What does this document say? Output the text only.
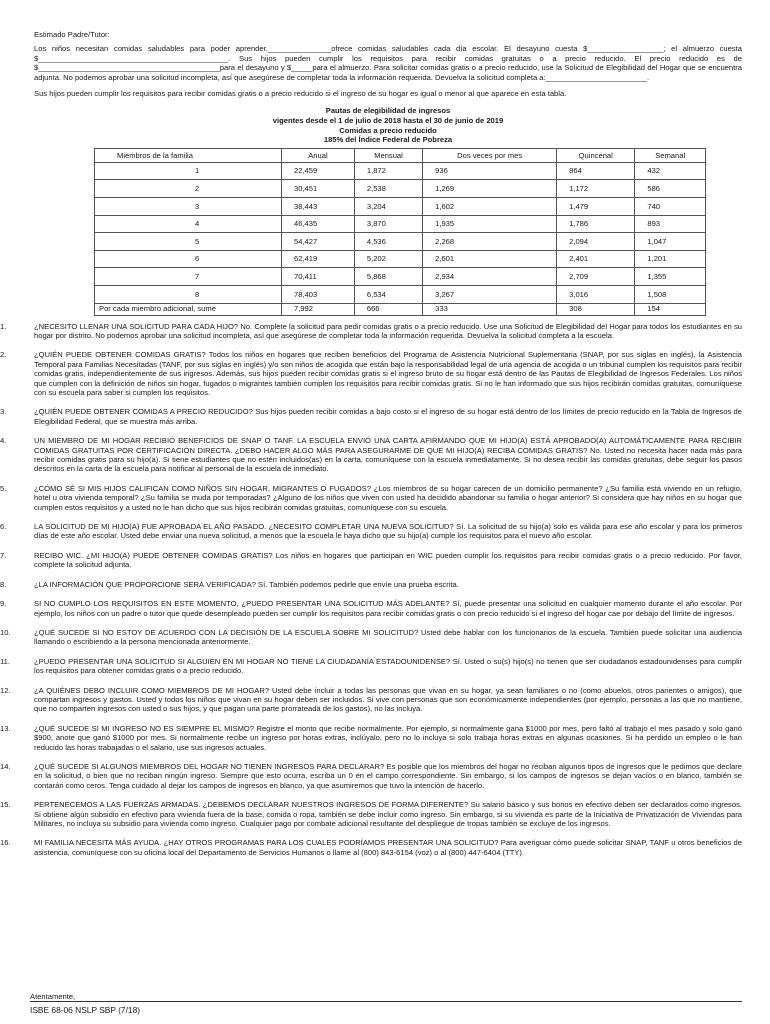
Estimado Padre/Tutor:

Los niños necesitan comidas saludables para poder aprender._______________ofrece comidas saludables cada día escolar. El desayuno cuesta $__________________; el almuerzo cuesta $_____________________________________________. Sus hijos pueden cumplir los requisitos para recibir comidas gratuitas o a precio reducido. El precio reducido es de $___________________________________________para el desayuno y $_____para el almuerzo. Para solicitar comidas gratis o a precio reducido, use la Solicitud de Elegibilidad del Hogar que se encuentra adjunta. No podemos aprobar una solicitud incompleta, así que asegúrese de completar toda la información requerida. Devuelva la solicitud completa a:________________________.

Sus hijos pueden cumplir los requisitos para recibir comidas gratis o a precio reducido si el ingreso de su hogar es igual o menor al que aparece en esta tabla.

Pautas de elegibilidad de ingresos
vigentes desde el 1 de julio de 2018 hasta el 30 de junio de 2019
Comidas a precio reducido
185% del Índice Federal de Pobreza
Miembros de la familia	Anual	Mensual	Dos veces por mes	Quincenal	Semanal
1	22,459	1,872	936	864	432
2	30,451	2,538	1,269	1,172	586
3	38,443	3,204	1,602	1,479	740
4	46,435	3,870	1,935	1,786	893
5	54,427	4,536	2,268	2,094	1,047
6	62,419	5,202	2,601	2,401	1,201
7	70,411	5,868	2,934	2,709	1,355
8	78,403	6,534	3,267	3,016	1,508
Por cada miembro adicional, sume	7,992	666	333	308	154
1.	¿NECESITO LLENAR UNA SOLICITUD PARA CADA HIJO? No. Complete la solicitud para pedir comidas gratis o a precio reducido. Use una Solicitud de Elegibilidad del Hogar para todos los estudiantes en su hogar por distrito. No podemos aprobar una solicitud incompleta, así que asegúrese de completar toda la información requerida. Devuelva la solicitud completa a la escuela.
2.	¿QUIÉN PUEDE OBTENER COMIDAS GRATIS? Todos los niños en hogares que reciben beneficios del Programa de Asistencia Nutricional Suplementaria (SNAP, por sus siglas en inglés), la Asistencia Temporal para Familias Necesitadas (TANF, por sus siglas en inglés) y/o son niños de acogida que están bajo la responsabilidad legal de una agencia de acogida o un tribunal cumplen los requisitos para recibir comidas gratis, independientemente de sus ingresos. Además, sus hijos pueden recibir comidas gratis si el ingreso bruto de su hogar está dentro de las Pautas de Elegibilidad de Ingresos Federales. Los niños que cumplen con la definición de niños sin hogar, fugados o migrantes también cumplen los requisitos para recibir comidas gratis. Si no le han informado que sus hijos recibirán comidas gratuitas, comuníquese con su escuela para saber si cumplen los requisitos.
3.	¿QUIÉN PUEDE OBTENER COMIDAS A PRECIO REDUCIDO? Sus hijos pueden recibir comidas a bajo costo si el ingreso de su hogar está dentro de los límites de precio reducido en la Tabla de Ingresos de Elegibilidad Federal, que se muestra más arriba.
4.	UN MIEMBRO DE MI HOGAR RECIBIÓ BENEFICIOS DE SNAP O TANF. LA ESCUELA ENVIÓ UNA CARTA AFIRMANDO QUE MI HIJO(A) ESTÁ APROBADO(A) AUTOMÁTICAMENTE PARA RECIBIR COMIDAS GRATUITAS POR CERTIFICACIÓN DIRECTA. ¿DEBO HACER ALGO MÁS PARA ASEGURARME DE QUE MI HIJO(A) RECIBA COMIDAS GRATIS? No. Usted no necesita hacer nada más para recibir comidas gratis para su hijo(a). Si tiene estudiantes que no estén incluidos(as) en la carta, comuníquese con la escuela inmediatamente. Si no desea recibir las comidas gratuitas, debe seguir los pasos descritos en la carta de la escuela para notificar al personal de la escuela de inmediato.
5.	¿CÓMO SÉ SI MIS HIJOS CALIFICAN COMO NIÑOS SIN HOGAR, MIGRANTES O FUGADOS? ¿Los miembros de su hogar carecen de un domicilio permanente? ¿Su familia está viviendo en un refugio, hotel u otra vivienda temporal? ¿Su familia se muda por temporadas? ¿Alguno de los niños que viven con usted ha decidido abandonar su familia o hogar anterior? Si considera que hay niños en su hogar que cumplen estos requisitos y a usted no le han dicho que sus hijos recibirán comidas gratuitas, comuníquese con su escuela.
6.	LA SOLICITUD DE MI HIJO(A) FUE APROBADA EL AÑO PASADO. ¿NECESITO COMPLETAR UNA NUEVA SOLICITUD? Sí. La solicitud de su hijo(a) solo es válida para ese año escolar y para los primeros días de este año escolar. Usted debe enviar una nueva solicitud, a menos que la escuela le haya dicho que su hijo(a) cumple los requisitos para el nuevo año escolar.
7.	RECIBO WIC. ¿MI HIJO(A) PUEDE OBTENER COMIDAS GRATIS? Los niños en hogares que participan en WIC pueden cumplir los requisitos para recibir comidas gratis o a precio reducido. Por favor, complete la solicitud adjunta.
8.	¿LA INFORMACIÓN QUE PROPORCIONE SERÁ VERIFICADA? Sí. También podemos pedirle que envíe una prueba escrita.
9.	SI NO CUMPLO LOS REQUISITOS EN ESTE MOMENTO, ¿PUEDO PRESENTAR UNA SOLICITUD MÁS ADELANTE? Sí, puede presentar una solicitud en cualquier momento durante el año escolar. Por ejemplo, los niños con un padre o tutor que quede desempleado pueden ser cumplir los requisitos para recibir comidas gratis o con precio reducido si el ingreso del hogar cae por debajo del límite de ingresos.
10.	¿QUÉ SUCEDE SI NO ESTOY DE ACUERDO CON LA DECISIÓN DE LA ESCUELA SOBRE MI SOLICITUD? Usted debe hablar con los funcionarios de la escuela. También puede solicitar una audiencia llamando o escribiendo a la persona mencionada anteriormente.
11.	¿PUEDO PRESENTAR UNA SOLICITUD SI ALGUIEN EN MI HOGAR NO TIENE LA CIUDADANÍA ESTADOUNIDENSE? Sí. Usted o su(s) hijo(s) no tienen que ser ciudadanos estadounidenses para cumplir los requisitos para obtener comidas gratis o a precio reducido.
12.	¿A QUIÉNES DEBO INCLUIR COMO MIEMBROS DE MI HOGAR? Usted debe incluir a todas las personas que vivan en su hogar, ya sean familiares o no (como abuelos, otros parientes o amigos), que compartan ingresos y gastos. Usted y todos los niños que vivan en su hogar deben ser incluidos. Si vive con personas que son económicamente independientes (por ejemplo, personas a las que no mantiene, que no comparten ingresos con usted o sus hijos, y que pagan una parte prorrateada de los gastos), no las incluya.
13.	¿QUÉ SUCEDE SI MI INGRESO NO ES SIEMPRE EL MISMO? Registre el monto que recibe normalmente. Por ejemplo, si normalmente gana $1000 por mes, pero faltó al trabajo el mes pasado y solo ganó $900, anote que ganó $1000 por mes. Si normalmente recibe un ingreso por horas extras, inclúyalo, pero no lo incluya si solo trabaja horas extras en algunas ocasiones. Si ha perdido un empleo o le han reducido las horas trabajadas o el salario, use sus ingresos actuales.
14.	¿QUÉ SUCEDE SI ALGUNOS MIEMBROS DEL HOGAR NO TIENEN INGRESOS PARA DECLARAR? Es posible que los miembros del hogar no reciban algunos tipos de ingresos que le pedimos que declare en la solicitud, o bien que no reciban ningún ingreso. Siempre que esto ocurra, escriba un 0 en el campo correspondiente. Sin embargo, si los campos de ingresos se dejan vacíos o en blanco, también se contarán como ceros. Tenga cuidado al dejar los campos de ingresos en blanco, ya que asumiremos que tuvo la intención de hacerlo.
15.	PERTENECEMOS A LAS FUERZAS ARMADAS. ¿DEBEMOS DECLARAR NUESTROS INGRESOS DE FORMA DIFERENTE? Su salario básico y sus bonos en efectivo deben ser declarados como ingresos. Si obtiene algún subsidio en efectivo para vivienda fuera de la base, comida o ropa, también se debe incluir como ingreso. Sin embargo, si su vivienda es parte de la Iniciativa de Privatización de Viviendas para Militares, no incluya su subsidio para vivienda como ingreso. Cualquier pago por combate adicional resultante del despliegue de tropas también se excluye de los ingresos.
16.	MI FAMILIA NECESITA MÁS AYUDA. ¿HAY OTROS PROGRAMAS PARA LOS CUALES PODRÍAMOS PRESENTAR UNA SOLICITUD? Para averiguar cómo puede solicitar SNAP, TANF u otros beneficios de asistencia, comuníquese con su oficina local del Departamento de Servicios Humanos o llame al (800) 843-6154 (voz) o al (800) 447-6404 (TTY).
Atentamente,
ISBE 68-06 NSLP SBP (7/18)
